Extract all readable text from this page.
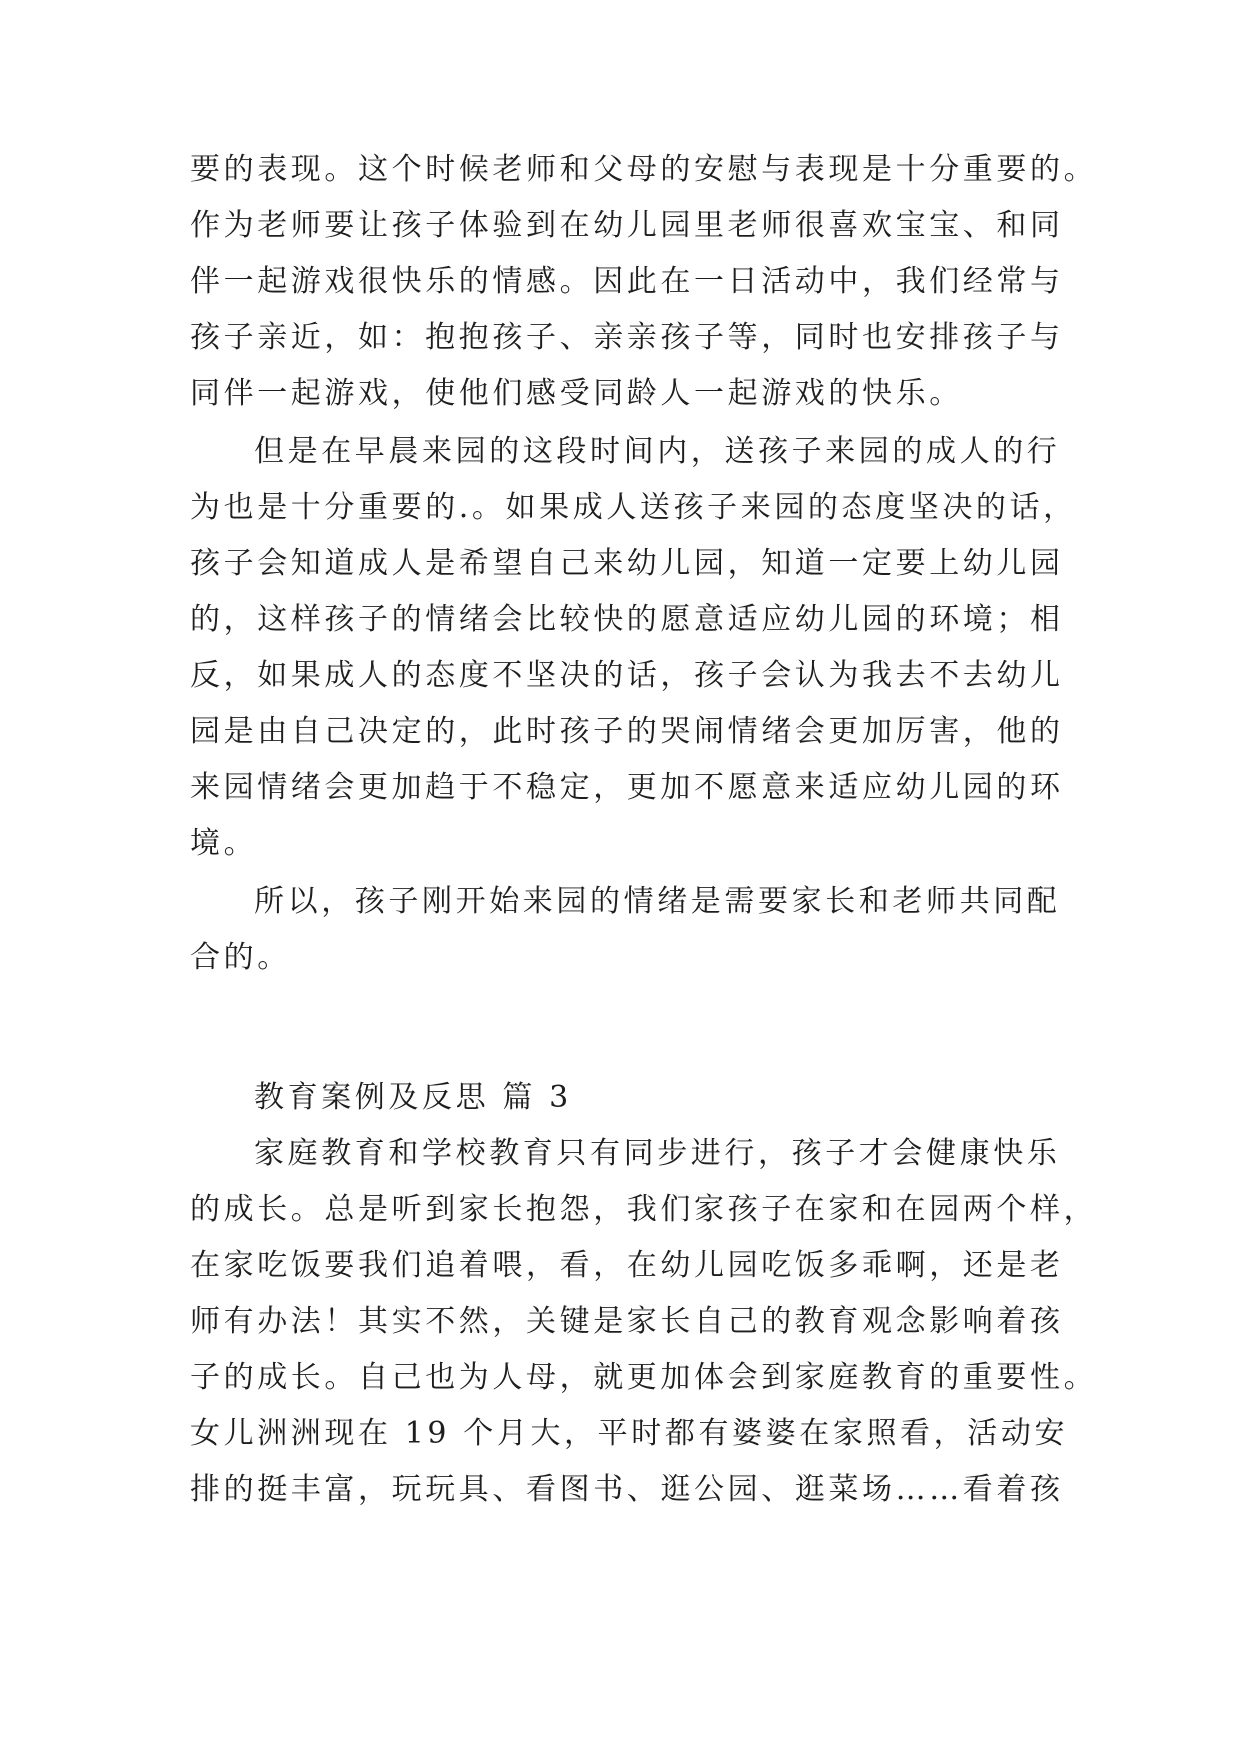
要的表现。这个时候老师和父母的安慰与表现是十分重要的。

作为老师要让孩子体验到在幼儿园里老师很喜欢宝宝、和同

伴一起游戏很快乐的情感。因此在一日活动中，我们经常与

孩子亲近，如：抱抱孩子、亲亲孩子等，同时也安排孩子与

同伴一起游戏，使他们感受同龄人一起游戏的快乐。

但是在早晨来园的这段时间内，送孩子来园的成人的行

为也是十分重要的.。如果成人送孩子来园的态度坚决的话，

孩子会知道成人是希望自己来幼儿园，知道一定要上幼儿园

的，这样孩子的情绪会比较快的愿意适应幼儿园的环境；相

反，如果成人的态度不坚决的话，孩子会认为我去不去幼儿

园是由自己决定的，此时孩子的哭闹情绪会更加厉害，他的

来园情绪会更加趋于不稳定，更加不愿意来适应幼儿园的环

境。

所以，孩子刚开始来园的情绪是需要家长和老师共同配

合的。

教育案例及反思 篇 3

家庭教育和学校教育只有同步进行，孩子才会健康快乐

的成长。总是听到家长抱怨，我们家孩子在家和在园两个样，

在家吃饭要我们追着喂，看，在幼儿园吃饭多乖啊，还是老

师有办法！其实不然，关键是家长自己的教育观念影响着孩

子的成长。自己也为人母，就更加体会到家庭教育的重要性。

女儿洲洲现在 19 个月大，平时都有婆婆在家照看，活动安

排的挺丰富，玩玩具、看图书、逛公园、逛菜场……看着孩
